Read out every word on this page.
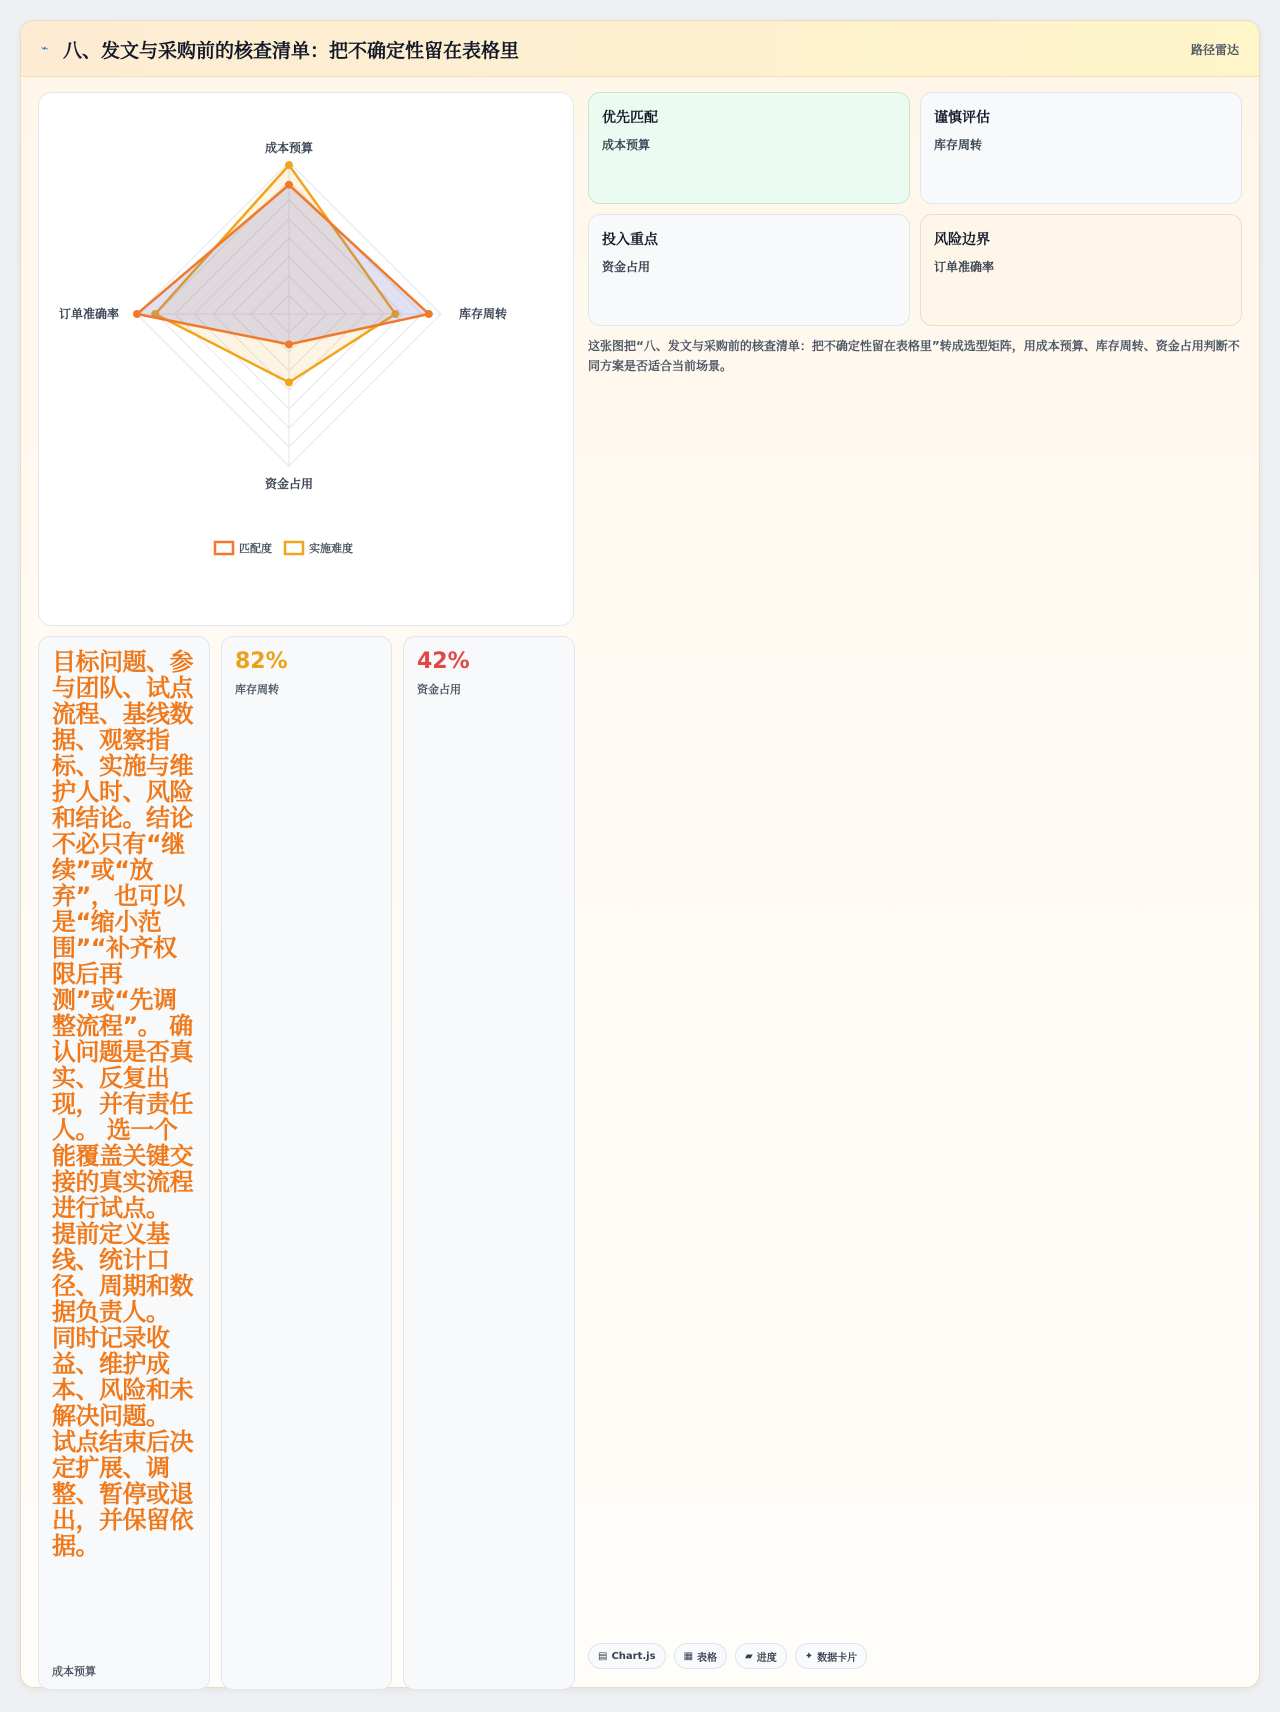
⌁ 八、发文与采购前的核查清单：把不确定性留在表格里	路径雷达
成本预算
库存周转
资金占用
订单准确率
匹配度	实施难度
优先匹配
成本预算
谨慎评估
库存周转
投入重点
资金占用
风险边界
订单准确率
这张图把“八、发文与采购前的核查清单：把不确定性留在表格里”转成选型矩阵，用成本预算、库存周转、资金占用判断不同方案是否适合当前场景。
目标问题、参与团队、试点流程、基线数据、观察指标、实施与维护人时、风险和结论。结论不必只有“继续”或“放弃”，也可以是“缩小范围”“补齐权限后再测”或“先调整流程”。 确认问题是否真实、反复出现，并有责任人。 选一个能覆盖关键交接的真实流程进行试点。 提前定义基线、统计口径、周期和数据负责人。 同时记录收益、维护成本、风险和未解决问题。 试点结束后决定扩展、调整、暂停或退出，并保留依据。
成本预算
82%
库存周转
42%
资金占用
▤ Chart.js	▦ 表格	▰ 进度	✦ 数据卡片
